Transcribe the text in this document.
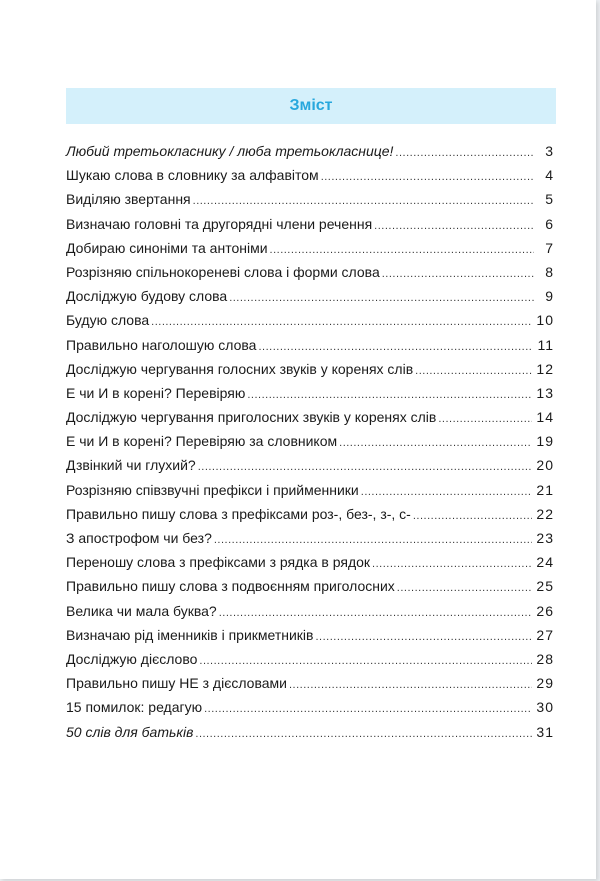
Зміст
Любий третьокласнику / люба третьокласнице! .....	3
Шукаю слова в словнику за алфавітом .....	4
Виділяю звертання .....	5
Визначаю головні та другорядні члени речення .....	6
Добираю синоніми та антоніми .....	7
Розрізняю спільнокореневі слова і форми слова .....	8
Досліджую будову слова .....	9
Будую слова .....	10
Правильно наголошую слова .....	11
Досліджую чергування голосних звуків у коренях слів .....	12
Е чи И в корені? Перевіряю .....	13
Досліджую чергування приголосних звуків у коренях слів .....	14
Е чи И в корені? Перевіряю за словником .....	19
Дзвінкий чи глухий? .....	20
Розрізняю співзвучні префікси і прийменники .....	21
Правильно пишу слова з префіксами роз-, без-, з-, с- .....	22
З апострофом чи без? .....	23
Переношу слова з префіксами з рядка в рядок .....	24
Правильно пишу слова з подвоєнням приголосних .....	25
Велика чи мала буква? .....	26
Визначаю рід іменників і прикметників .....	27
Досліджую дієслово .....	28
Правильно пишу НЕ з дієсловами .....	29
15 помилок: редагую .....	30
50 слів для батьків .....	31
